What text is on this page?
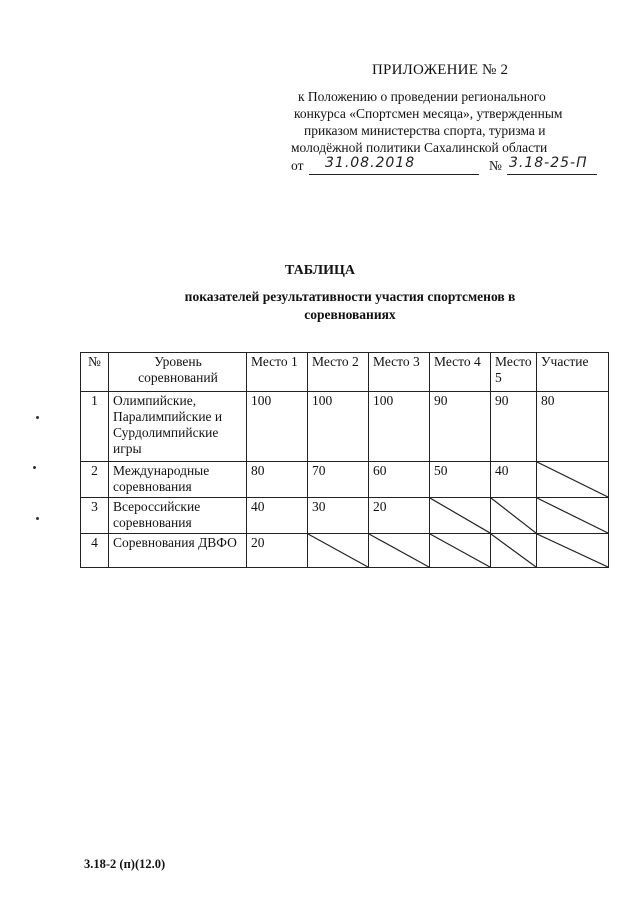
ПРИЛОЖЕНИЕ № 2
к Положению о проведении регионального
конкурса «Спортсмен месяца», утвержденным
приказом министерства спорта, туризма и
молодёжной политики Сахалинской области
от 31.08.2018	№ 3.18-25-П
ТАБЛИЦА
показателей результативности участия спортсменов в соревнованиях
№	Уровень соревнований	Место 1	Место 2	Место 3	Место 4	Место 5	Участие
1	Олимпийские, Паралимпийские и Сурдолимпийские игры	100	100	100	90	90	80
2	Международные соревнования	80	70	60	50	40	

3	Всероссийские соревнования	40	30	20	

4	Соревнования ДВФО	20	

3.18-2 (п)(12.0)
